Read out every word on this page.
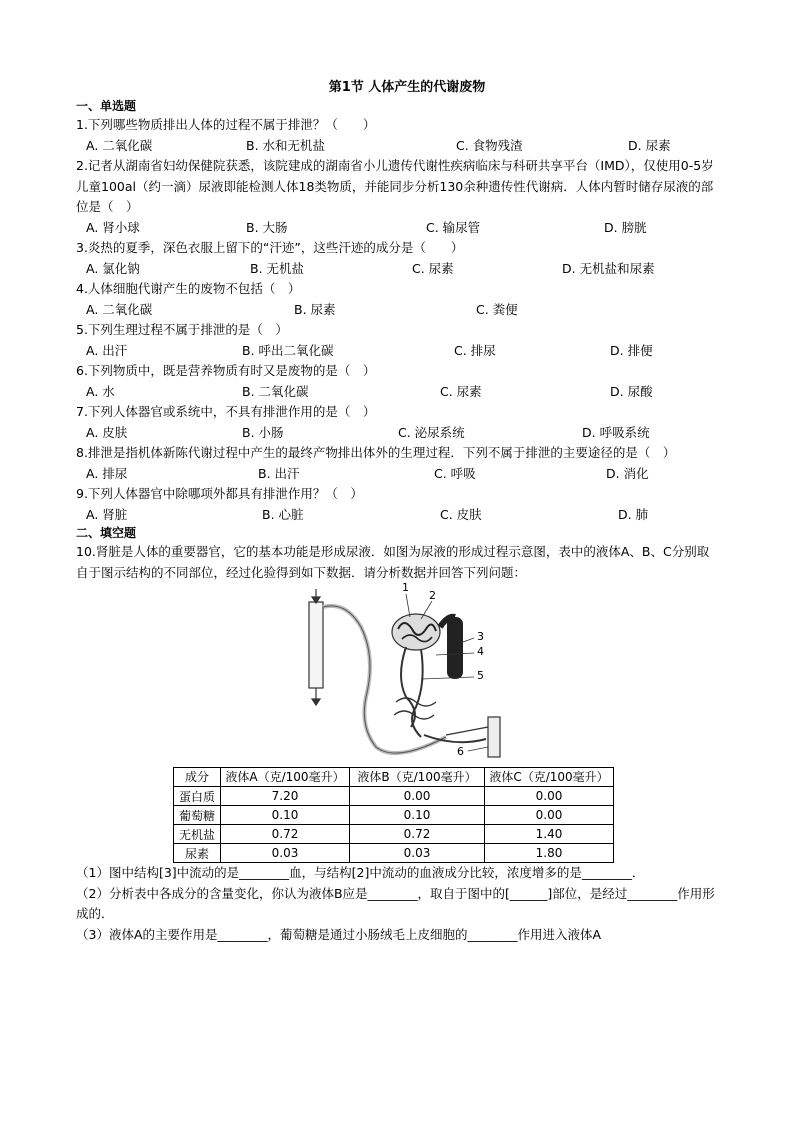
第1节 人体产生的代谢废物
一、单选题
1.下列哪些物质排出人体的过程不属于排泄？（　　）
A. 二氧化碳	B. 水和无机盐	C. 食物残渣	D. 尿素
2.记者从湖南省妇幼保健院获悉，该院建成的湖南省小儿遗传代谢性疾病临床与科研共享平台（IMD），仅使用0-5岁儿童100al（约一滴）尿液即能检测人体18类物质，并能同步分析130余种遗传性代谢病．人体内暂时储存尿液的部位是（　）
A. 肾小球	B. 大肠	C. 输尿管	D. 膀胱
3.炎热的夏季，深色衣服上留下的“汗迹”，这些汗迹的成分是（　　）
A. 氯化钠	B. 无机盐	C. 尿素	D. 无机盐和尿素
4.人体细胞代谢产生的废物不包括（　）
A. 二氧化碳	B. 尿素	C. 粪便
5.下列生理过程不属于排泄的是（　）
A. 出汗	B. 呼出二氧化碳	C. 排尿	D. 排便
6.下列物质中，既是营养物质有时又是废物的是（　）
A. 水	B. 二氧化碳	C. 尿素	D. 尿酸
7.下列人体器官或系统中，不具有排泄作用的是（　）
A. 皮肤	B. 小肠	C. 泌尿系统	D. 呼吸系统
8.排泄是指机体新陈代谢过程中产生的最终产物排出体外的生理过程．下列不属于排泄的主要途径的是（　）
A. 排尿	B. 出汗	C. 呼吸	D. 消化
9.下列人体器官中除哪项外都具有排泄作用？（　）
A. 肾脏	B. 心脏	C. 皮肤	D. 肺
二、填空题
10.肾脏是人体的重要器官，它的基本功能是形成尿液．如图为尿液的形成过程示意图，表中的液体A、B、C分别取自于图示结构的不同部位，经过化验得到如下数据．请分析数据并回答下列问题：
1
2
3
4
5
6
成分	液体A（克/100毫升）	液体B（克/100毫升）	液体C（克/100毫升）
蛋白质	7.20	0.00	0.00
葡萄糖	0.10	0.10	0.00
无机盐	0.72	0.72	1.40
尿素	0.03	0.03	1.80
（1）图中结构[3]中流动的是________血，与结构[2]中流动的血液成分比较，浓度增多的是________．
（2）分析表中各成分的含量变化，你认为液体B应是________，取自于图中的[______]部位，是经过________作用形成的．
（3）液体A的主要作用是________，葡萄糖是通过小肠绒毛上皮细胞的________作用进入液体A
